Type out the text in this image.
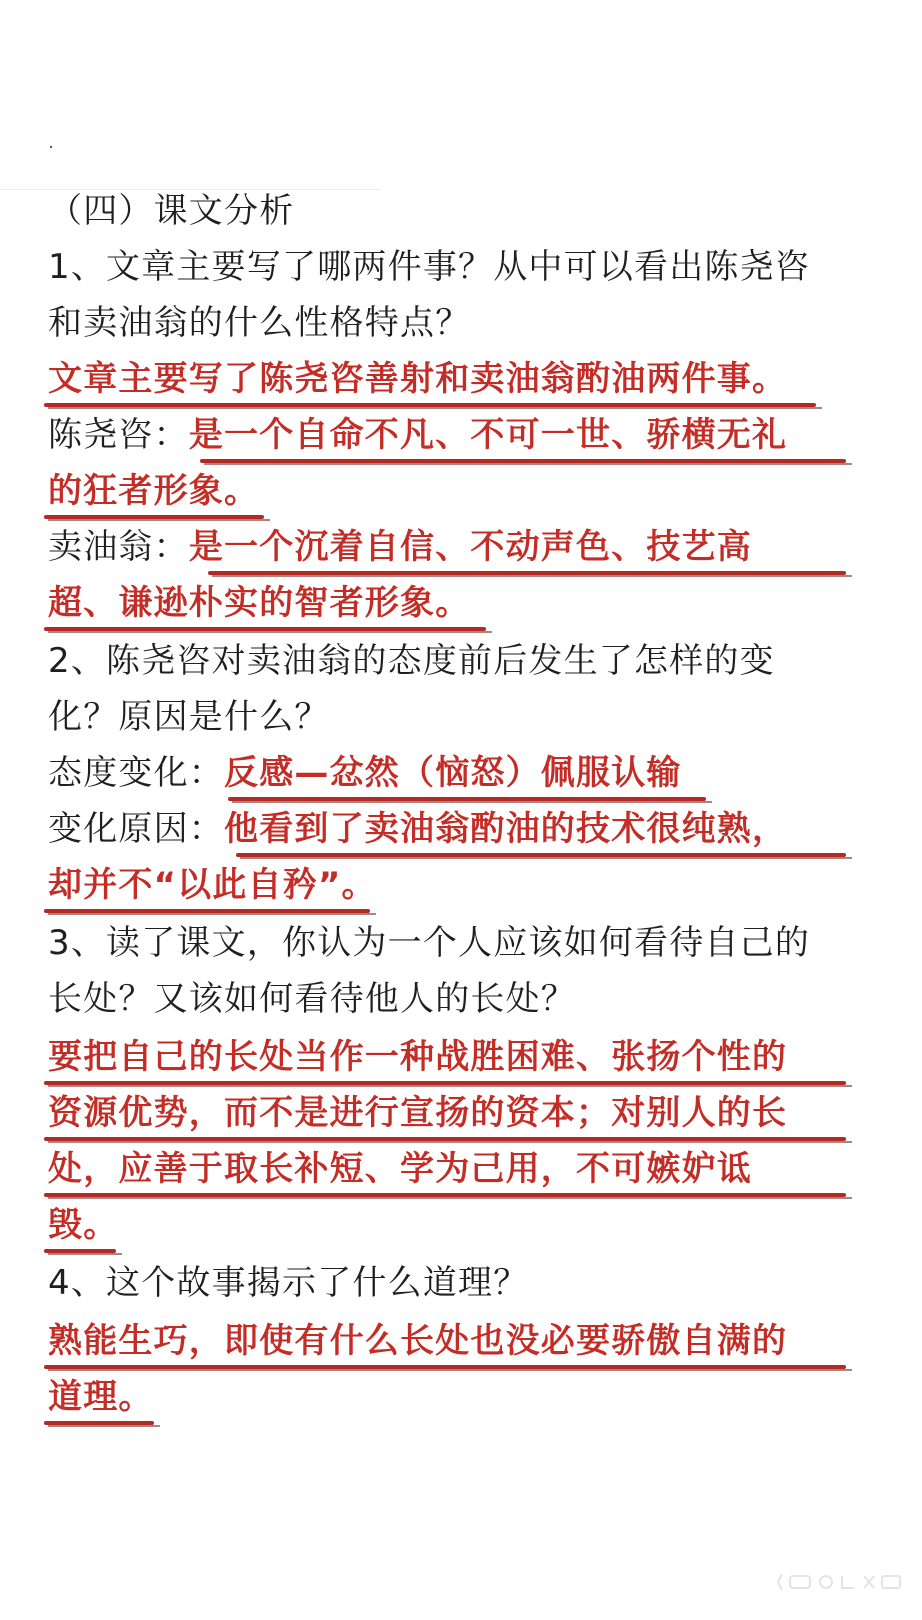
（四）课文分析

1、文章主要写了哪两件事？从中可以看出陈尧咨

和卖油翁的什么性格特点？

文章主要写了陈尧咨善射和卖油翁酌油两件事。

陈尧咨：是一个自命不凡、不可一世、骄横无礼

的狂者形象。

卖油翁：是一个沉着自信、不动声色、技艺高

超、谦逊朴实的智者形象。

2、陈尧咨对卖油翁的态度前后发生了怎样的变

化？原因是什么？

态度变化：反感—忿然（恼怒）佩服认输

变化原因：他看到了卖油翁酌油的技术很纯熟，

却并不“以此自矜”。

3、读了课文，你认为一个人应该如何看待自己的

长处？又该如何看待他人的长处？

要把自己的长处当作一种战胜困难、张扬个性的

资源优势，而不是进行宣扬的资本；对别人的长

处，应善于取长补短、学为己用，不可嫉妒诋

毁。

4、这个故事揭示了什么道理？

熟能生巧，即使有什么长处也没必要骄傲自满的

道理。
